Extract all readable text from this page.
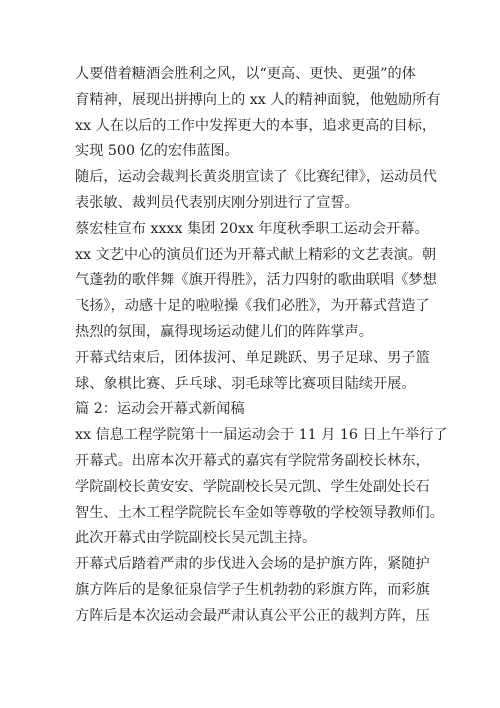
人要借着糖酒会胜利之风，以“更高、更快、更强”的体
育精神，展现出拼搏向上的 xx 人的精神面貌，他勉励所有
xx 人在以后的工作中发挥更大的本事，追求更高的目标，
实现 500 亿的宏伟蓝图。
随后，运动会裁判长黄炎朋宣读了《比赛纪律》，运动员代
表张敏、裁判员代表别庆刚分别进行了宣誓。
蔡宏桂宣布 xxxx 集团 20xx 年度秋季职工运动会开幕。
xx 文艺中心的演员们还为开幕式献上精彩的文艺表演。朝
气蓬勃的歌伴舞《旗开得胜》，活力四射的歌曲联唱《梦想
飞扬》，动感十足的啦啦操《我们必胜》，为开幕式营造了
热烈的氛围，赢得现场运动健儿们的阵阵掌声。
开幕式结束后，团体拔河、单足跳跃、男子足球、男子篮
球、象棋比赛、乒乓球、羽毛球等比赛项目陆续开展。
篇 2：运动会开幕式新闻稿
xx 信息工程学院第十一届运动会于 11 月 16 日上午举行了
开幕式。出席本次开幕式的嘉宾有学院常务副校长林东，
学院副校长黄安安、学院副校长吴元凯、学生处副处长石
智生、土木工程学院院长车金如等尊敬的学校领导教师们。
此次开幕式由学院副校长吴元凯主持。
开幕式后踏着严肃的步伐进入会场的是护旗方阵，紧随护
旗方阵后的是象征泉信学子生机勃勃的彩旗方阵，而彩旗
方阵后是本次运动会最严肃认真公平公正的裁判方阵，压
